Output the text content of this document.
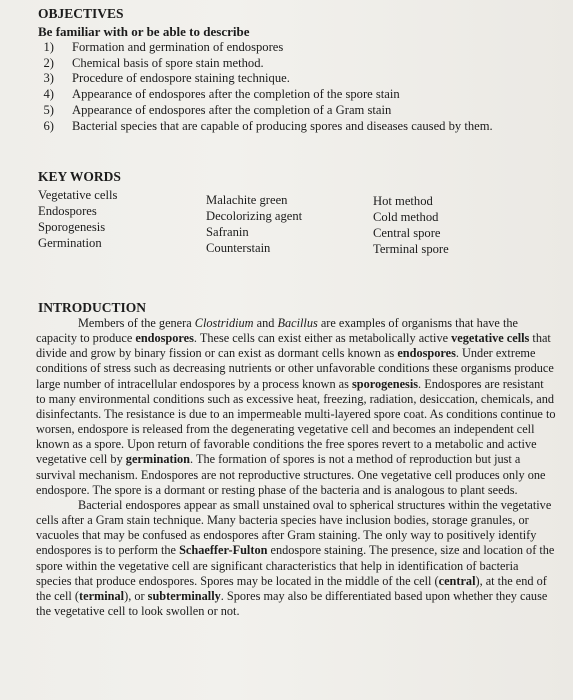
OBJECTIVES
Be familiar with or be able to describe
1) Formation and germination of endospores
2) Chemical basis of spore stain method.
3) Procedure of endospore staining technique.
4) Appearance of endospores after the completion of the spore stain
5) Appearance of endospores after the completion of a Gram stain
6) Bacterial species that are capable of producing spores and diseases caused by them.
KEY WORDS
Vegetative cells
Endospores
Sporogenesis
Germination
Malachite green
Decolorizing agent
Safranin
Counterstain
Hot method
Cold method
Central spore
Terminal spore
INTRODUCTION

Members of the genera Clostridium and Bacillus are examples of organisms that have the capacity to produce endospores. These cells can exist either as metabolically active vegetative cells that divide and grow by binary fission or can exist as dormant cells known as endospores. Under extreme conditions of stress such as decreasing nutrients or other unfavorable conditions these organisms produce large number of intracellular endospores by a process known as sporogenesis. Endospores are resistant to many environmental conditions such as excessive heat, freezing, radiation, desiccation, chemicals, and disinfectants. The resistance is due to an impermeable multi-layered spore coat. As conditions continue to worsen, endospore is released from the degenerating vegetative cell and becomes an independent cell known as a spore. Upon return of favorable conditions the free spores revert to a metabolic and active vegetative cell by germination. The formation of spores is not a method of reproduction but just a survival mechanism. Endospores are not reproductive structures. One vegetative cell produces only one endospore. The spore is a dormant or resting phase of the bacteria and is analogous to plant seeds.

Bacterial endospores appear as small unstained oval to spherical structures within the vegetative cells after a Gram stain technique. Many bacteria species have inclusion bodies, storage granules, or vacuoles that may be confused as endospores after Gram staining. The only way to positively identify endospores is to perform the Schaeffer-Fulton endospore staining. The presence, size and location of the spore within the vegetative cell are significant characteristics that help in identification of bacteria species that produce endospores. Spores may be located in the middle of the cell (central), at the end of the cell (terminal), or subterminally. Spores may also be differentiated based upon whether they cause the vegetative cell to look swollen or not.
